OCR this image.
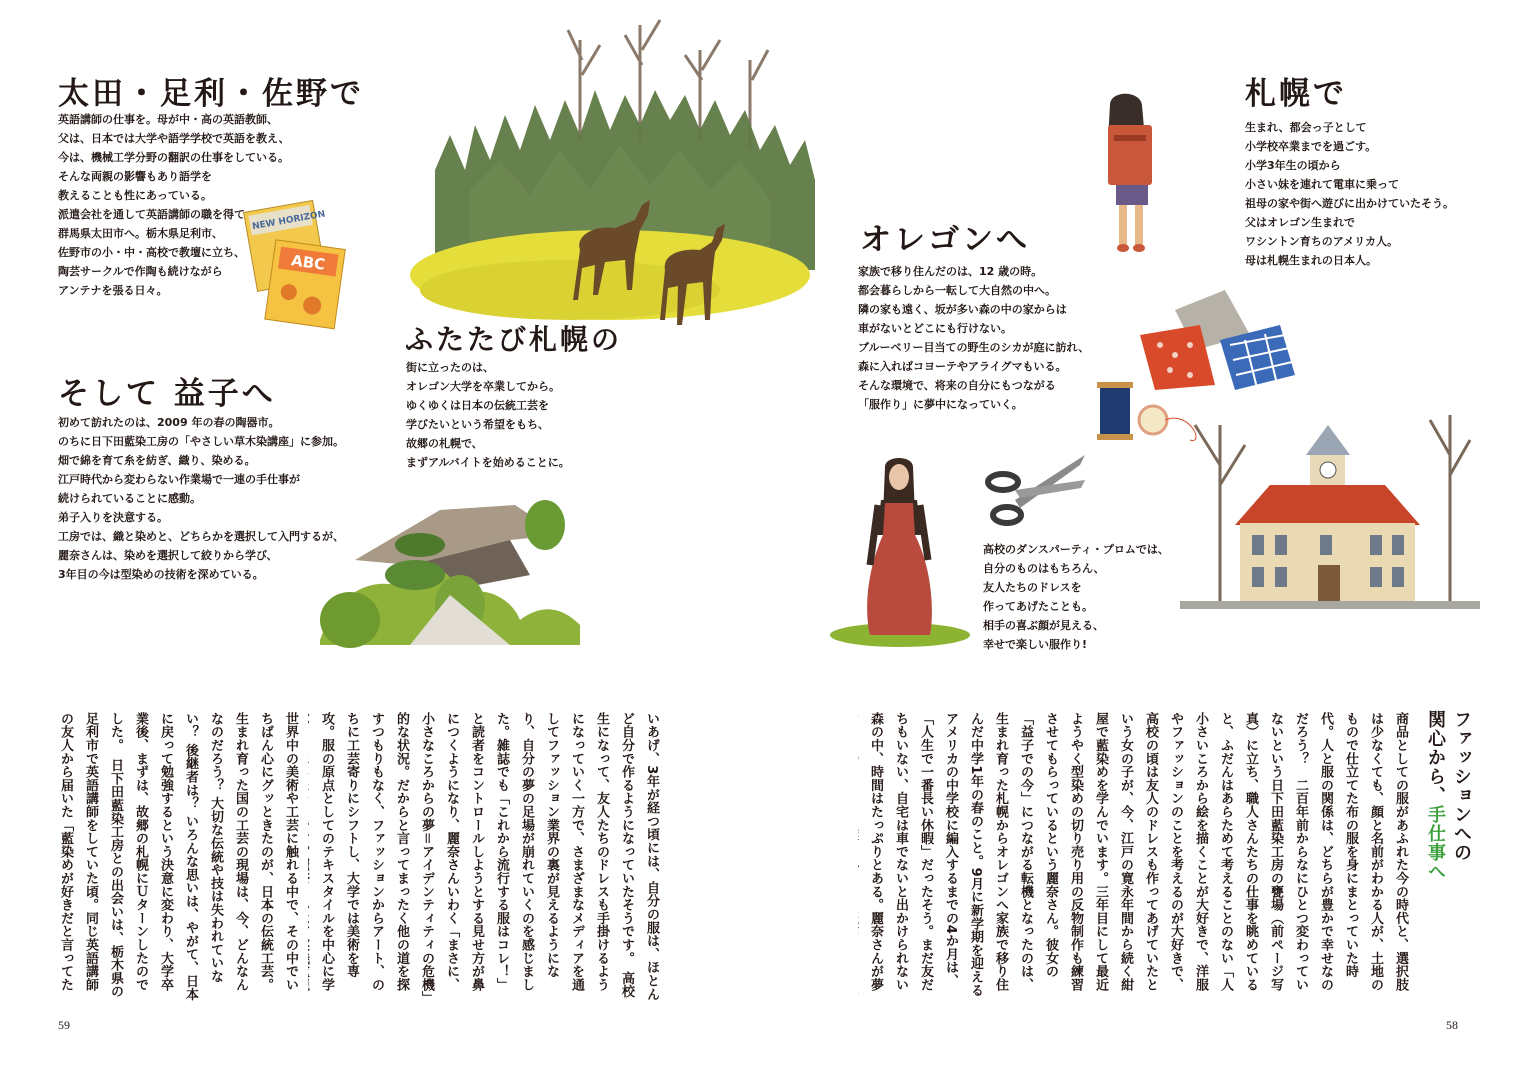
NEW HORIZON
ABC
太田・足利・佐野で	札幌で
オレゴンへ
ふたたび札幌の
そして 益子へ
英語講師の仕事を。母が中・高の英語教師、
父は、日本では大学や語学学校で英語を教え、
今は、機械工学分野の翻訳の仕事をしている。
そんな両親の影響もあり語学を
教えることも性にあっている。
派遣会社を通して英語講師の職を得て
群馬県太田市へ。栃木県足利市、
佐野市の小・中・高校で教壇に立ち、
陶芸サークルで作陶も続けながら
アンテナを張る日々。
生まれ、都会っ子として
小学校卒業までを過ごす。
小学3年生の頃から
小さい妹を連れて電車に乗って
祖母の家や街へ遊びに出かけていたそう。
父はオレゴン生まれで
ワシントン育ちのアメリカ人。
母は札幌生まれの日本人。
家族で移り住んだのは、12 歳の時。
都会暮らしから一転して大自然の中へ。
隣の家も遠く、坂が多い森の中の家からは
車がないとどこにも行けない。
ブルーベリー目当ての野生のシカが庭に訪れ、
森に入ればコヨーテやアライグマもいる。
そんな環境で、将来の自分にもつながる
「服作り」に夢中になっていく。
街に立ったのは、
オレゴン大学を卒業してから。
ゆくゆくは日本の伝統工芸を
学びたいという希望をもち、
故郷の札幌で、
まずアルバイトを始めることに。
初めて訪れたのは、2009 年の春の陶器市。
のちに日下田藍染工房の「やさしい草木染講座」に参加。
畑で綿を育て糸を紡ぎ、織り、染める。
江戸時代から変わらない作業場で一連の手仕事が
続けられていることに感動。
弟子入りを決意する。
工房では、織と染めと、どちらかを選択して入門するが、
麗奈さんは、染めを選択して絞りから学び、
3年目の今は型染めの技術を深めている。
高校のダンスパーティ・プロムでは、
自分のものはもちろん、
友人たちのドレスを
作ってあげたことも。
相手の喜ぶ顔が見える、
幸せで楽しい服作り!
ファッションへの
関心から、手仕事へ
商品としての服があふれた今の時代と、選択肢は少なくても、顔と名前がわかる人が、土地のもので仕立てた布の服を身にまとっていた時代。人と服の関係は、どちらが豊かで幸せなのだろう？　二百年前からなにひとつ変わっていないという日下田藍染工房の甕場（前ページ写真）に立ち、職人さんたちの仕事を眺めていると、ふだんはあらためて考えることのない「人
小さいころから絵を描くことが大好きで、洋服やファッションのことを考えるのが大好きで、高校の頃は友人のドレスも作ってあげていたという女の子が、今、江戸の寛永年間から続く紺屋で藍染めを学んでいます。三年目にして最近ようやく型染めの切り売り用の反物制作も練習させてもらっているという麗奈さん。彼女の「益子での今」につながる転機となったのは、生まれ育った札幌からオレゴンへ家族で移り住んだ中学1年の春のこと。9月に新学期を迎えるアメリカの中学校に編入するまでの4か月は、「人生で一番長い休暇」だったそう。まだ友だちもいない、自宅は車でないと出かけられない森の中、時間はたっぷりとある。麗奈さんが夢　
いあげ、3年が経つ頃には、自分の服は、ほとんど自分で作るようになっていたそうです。　高校生になって、友人たちのドレスも手掛けるようになっていく一方で、さまざまなメディアを通してファッション業界の裏が見えるようになり、自分の夢の足場が崩れていくのを感じました。雑誌でも「これから流行する服はコレ！」と読者をコントロールしようとする見せ方が鼻につくようになり、麗奈さんいわく「まさに、小さなころからの夢＝アイデンティティの危機」的な状況。だからと言ってまったく他の道を探すつもりもなく、ファッションからアート、のちに工芸寄りにシフトし、大学では美術を専攻。服の原点としてのテキスタイルを中心に学
世界中の美術や工芸に触れる中で、その中でいちばん心にグッときたのが、日本の伝統工芸。生まれ育った国の工芸の現場は、今、どんなんなのだろう？ 大切な伝統や技は失われていない？ 後継者は？ いろんな思いは、やがて、日本に戻って勉強するという決意に変わり、大学卒業後、まずは、故郷の札幌にＵターンしたのでした。　日下田藍染工房との出会いは、栃木県の足利市で英語講師をしていた頃。同じ英語講師の友人から届いた「藍染めが好きだと言ってた
59	58
